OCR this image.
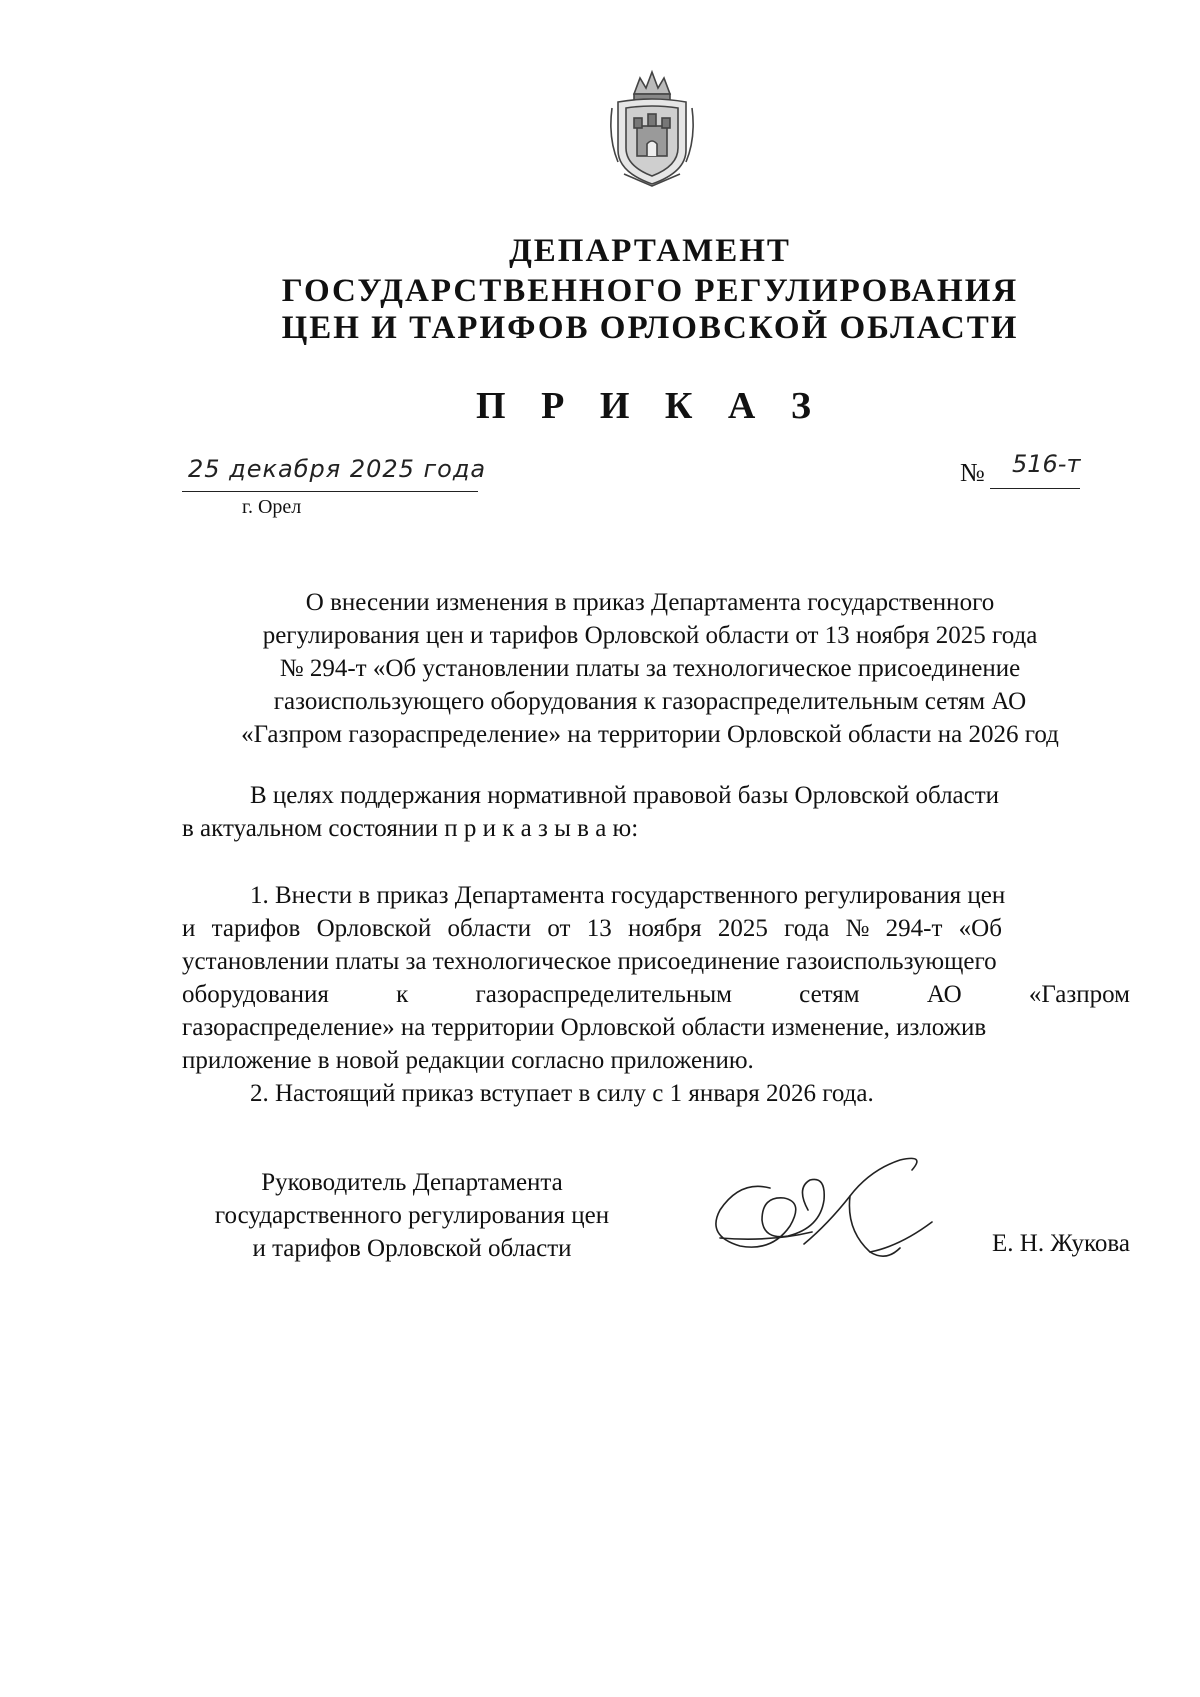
ДЕПАРТАМЕНТ
ГОСУДАРСТВЕННОГО РЕГУЛИРОВАНИЯ
ЦЕН И ТАРИФОВ ОРЛОВСКОЙ ОБЛАСТИ
П Р И К А З
25 декабря 2025 года
г. Орел
№ 516-т
О внесении изменения в приказ Департамента государственного
регулирования цен и тарифов Орловской области от 13 ноября 2025 года
№ 294-т «Об установлении платы за технологическое присоединение
газоиспользующего оборудования к газораспределительным сетям АО
«Газпром газораспределение» на территории Орловской области на 2026 год
В целях поддержания нормативной правовой базы Орловской области
в актуальном состоянии п р и к а з ы в а ю:
1. Внести в приказ Департамента государственного регулирования цен
и тарифов Орловской области от 13 ноября 2025 года № 294-т «Об
установлении платы за технологическое присоединение газоиспользующего
оборудования	к	газораспределительным	сетям	АО	«Газпром
газораспределение» на территории Орловской области изменение, изложив
приложение в новой редакции согласно приложению.
2. Настоящий приказ вступает в силу с 1 января 2026 года.
Руководитель Департамента
государственного регулирования цен
и тарифов Орловской области	Е. Н. Жукова
